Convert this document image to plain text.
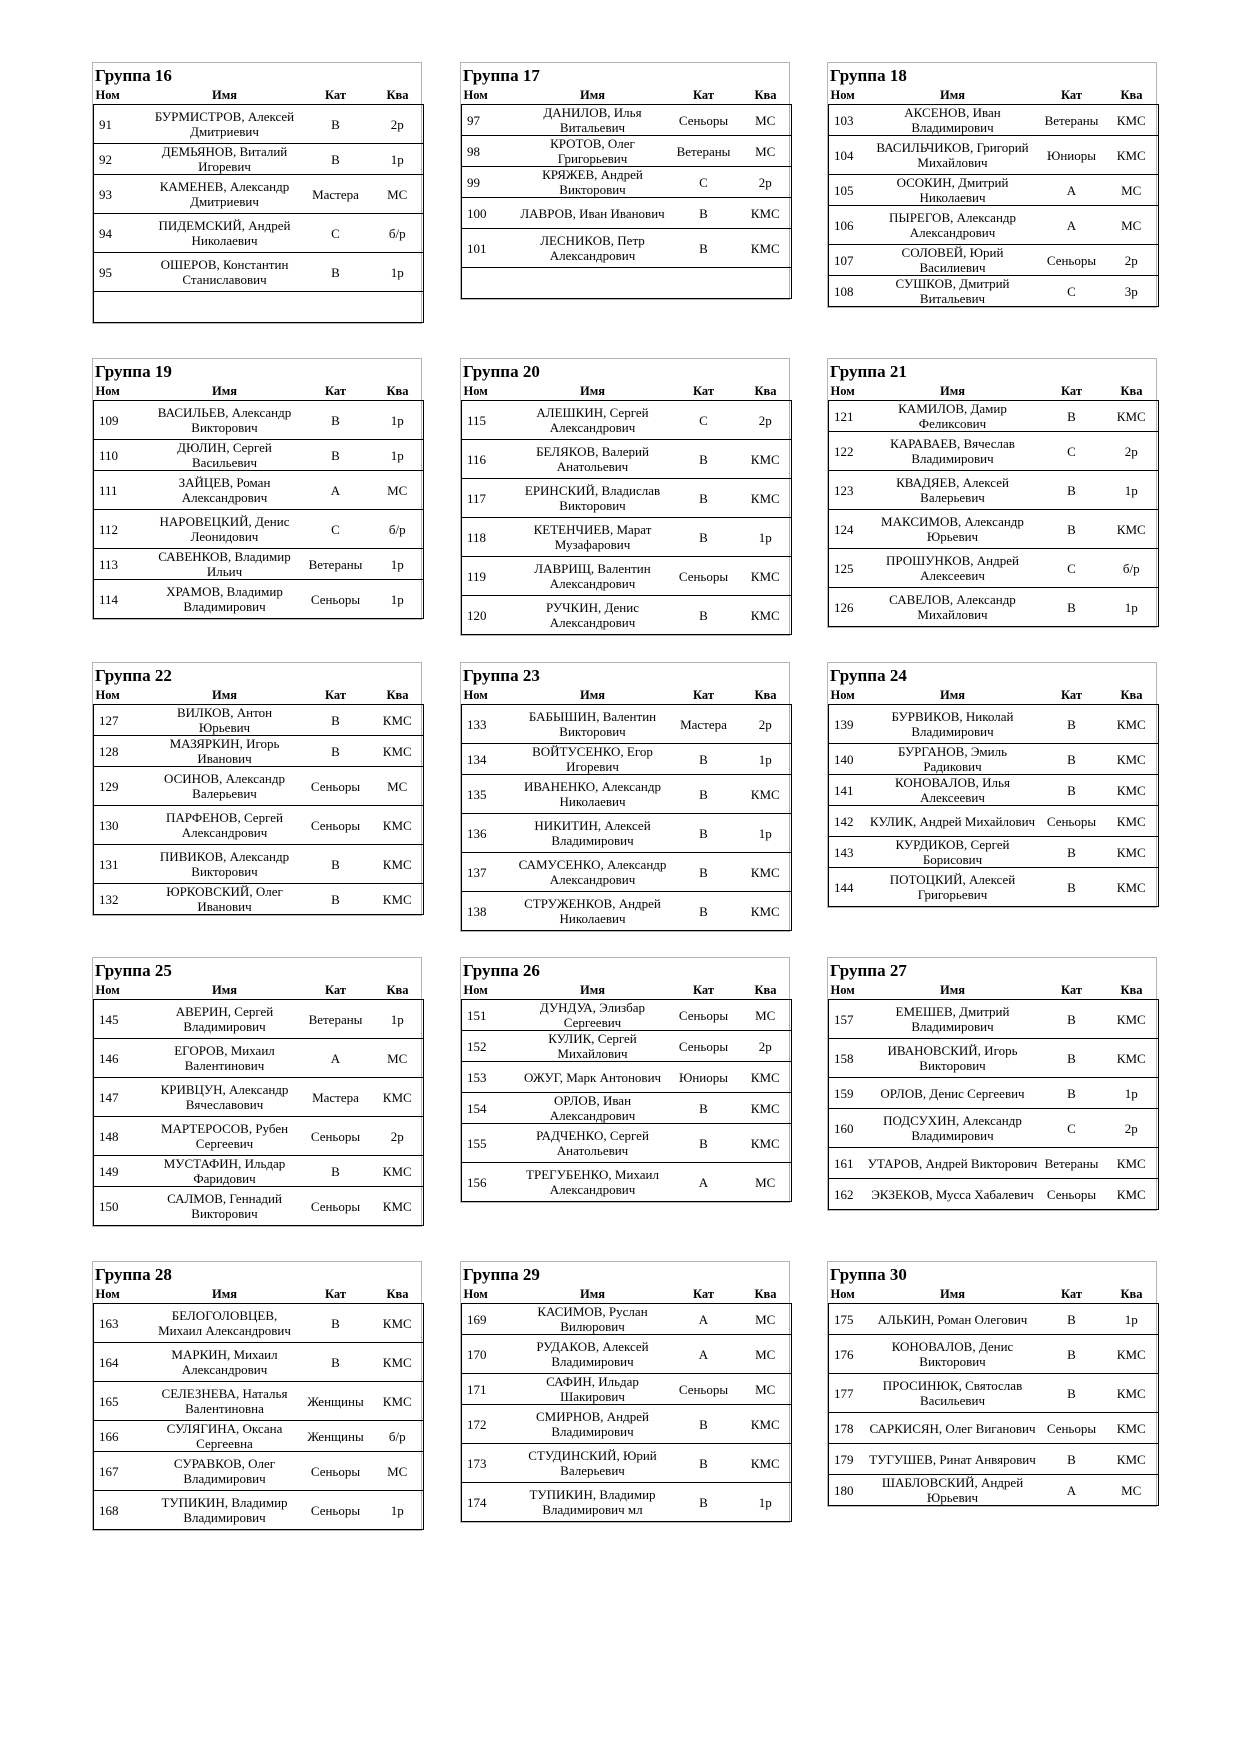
Группа 16
Ном	Имя	Кат	Ква
91	БУРМИСТРОВ, Алексей Дмитриевич	В	2р
92	ДЕМЬЯНОВ, Виталий Игоревич	В	1р
93	КАМЕНЕВ, Александр Дмитриевич	Мастера	МС
94	ПИДЕМСКИЙ, Андрей Николаевич	С	б/р
95	ОШЕРОВ, Константин Станиславович	В	1р

Группа 17
Ном	Имя	Кат	Ква
97	ДАНИЛОВ, Илья Витальевич	Сеньоры	МС
98	КРОТОВ, Олег Григорьевич	Ветераны	МС
99	КРЯЖЕВ, Андрей Викторович	С	2р
100	ЛАВРОВ, Иван Иванович	В	КМС
101	ЛЕСНИКОВ, Петр Александрович	В	КМС

Группа 18
Ном	Имя	Кат	Ква
103	АКСЕНОВ, Иван Владимирович	Ветераны	КМС
104	ВАСИЛЬЧИКОВ, Григорий Михайлович	Юниоры	КМС
105	ОСОКИН, Дмитрий Николаевич	А	МС
106	ПЫРЕГОВ, Александр Александрович	А	МС
107	СОЛОВЕЙ, Юрий Василиевич	Сеньоры	2р
108	СУШКОВ, Дмитрий Витальевич	С	3р
Группа 19
Ном	Имя	Кат	Ква
109	ВАСИЛЬЕВ, Александр Викторович	В	1р
110	ДЮЛИН, Сергей Васильевич	В	1р
111	ЗАЙЦЕВ, Роман Александрович	А	МС
112	НАРОВЕЦКИЙ, Денис Леонидович	С	б/р
113	САВЕНКОВ, Владимир Ильич	Ветераны	1р
114	ХРАМОВ, Владимир Владимирович	Сеньоры	1р
Группа 20
Ном	Имя	Кат	Ква
115	АЛЕШКИН, Сергей Александрович	С	2р
116	БЕЛЯКОВ, Валерий Анатольевич	В	КМС
117	ЕРИНСКИЙ, Владислав Викторович	В	КМС
118	КЕТЕНЧИЕВ, Марат Музафарович	В	1р
119	ЛАВРИЩ, Валентин Александрович	Сеньоры	КМС
120	РУЧКИН, Денис Александрович	В	КМС
Группа 21
Ном	Имя	Кат	Ква
121	КАМИЛОВ, Дамир Феликсович	В	КМС
122	КАРАВАЕВ, Вячеслав Владимирович	С	2р
123	КВАДЯЕВ, Алексей Валерьевич	В	1р
124	МАКСИМОВ, Александр Юрьевич	В	КМС
125	ПРОШУНКОВ, Андрей Алексеевич	С	б/р
126	САВЕЛОВ, Александр Михайлович	В	1р
Группа 22
Ном	Имя	Кат	Ква
127	ВИЛКОВ, Антон Юрьевич	В	КМС
128	МАЗЯРКИН, Игорь Иванович	В	КМС
129	ОСИНОВ, Александр Валерьевич	Сеньоры	МС
130	ПАРФЕНОВ, Сергей Александрович	Сеньоры	КМС
131	ПИВИКОВ, Александр Викторович	В	КМС
132	ЮРКОВСКИЙ, Олег Иванович	В	КМС
Группа 23
Ном	Имя	Кат	Ква
133	БАБЫШИН, Валентин Викторович	Мастера	2р
134	ВОЙТУСЕНКО, Егор Игоревич	В	1р
135	ИВАНЕНКО, Александр Николаевич	В	КМС
136	НИКИТИН, Алексей Владимирович	В	1р
137	САМУСЕНКО, Александр Александрович	В	КМС
138	СТРУЖЕНКОВ, Андрей Николаевич	В	КМС
Группа 24
Ном	Имя	Кат	Ква
139	БУРВИКОВ, Николай Владимирович	В	КМС
140	БУРГАНОВ, Эмиль Радикович	В	КМС
141	КОНОВАЛОВ, Илья Алексеевич	В	КМС
142	КУЛИК, Андрей Михайлович	Сеньоры	КМС
143	КУРДИКОВ, Сергей Борисович	В	КМС
144	ПОТОЦКИЙ, Алексей Григорьевич	В	КМС
Группа 25
Ном	Имя	Кат	Ква
145	АВЕРИН, Сергей Владимирович	Ветераны	1р
146	ЕГОРОВ, Михаил Валентинович	А	МС
147	КРИВЦУН, Александр Вячеславович	Мастера	КМС
148	МАРТЕРОСОВ, Рубен Сергеевич	Сеньоры	2р
149	МУСТАФИН, Ильдар Фаридович	В	КМС
150	САЛМОВ, Геннадий Викторович	Сеньоры	КМС
Группа 26
Ном	Имя	Кат	Ква
151	ДУНДУА, Элизбар Сергеевич	Сеньоры	МС
152	КУЛИК, Сергей Михайлович	Сеньоры	2р
153	ОЖУГ, Марк Антонович	Юниоры	КМС
154	ОРЛОВ, Иван Александрович	В	КМС
155	РАДЧЕНКО, Сергей Анатольевич	В	КМС
156	ТРЕГУБЕНКО, Михаил Александрович	А	МС
Группа 27
Ном	Имя	Кат	Ква
157	ЕМЕШЕВ, Дмитрий Владимирович	В	КМС
158	ИВАНОВСКИЙ, Игорь Викторович	В	КМС
159	ОРЛОВ, Денис Сергеевич	В	1р
160	ПОДСУХИН, Александр Владимирович	С	2р
161	УТАРОВ, Андрей Викторович	Ветераны	КМС
162	ЭКЗЕКОВ, Мусса Хабалевич	Сеньоры	КМС
Группа 28
Ном	Имя	Кат	Ква
163	БЕЛОГОЛОВЦЕВ, Михаил Александрович	В	КМС
164	МАРКИН, Михаил Александрович	В	КМС
165	СЕЛЕЗНЕВА, Наталья Валентиновна	Женщины	КМС
166	СУЛЯГИНА, Оксана Сергеевна	Женщины	б/р
167	СУРАВКОВ, Олег Владимирович	Сеньоры	МС
168	ТУПИКИН, Владимир Владимирович	Сеньоры	1р
Группа 29
Ном	Имя	Кат	Ква
169	КАСИМОВ, Руслан Вилюрович	А	МС
170	РУДАКОВ, Алексей Владимирович	А	МС
171	САФИН, Ильдар Шакирович	Сеньоры	МС
172	СМИРНОВ, Андрей Владимирович	В	КМС
173	СТУДИНСКИЙ, Юрий Валерьевич	В	КМС
174	ТУПИКИН, Владимир Владимирович мл	В	1р
Группа 30
Ном	Имя	Кат	Ква
175	АЛЬКИН, Роман Олегович	В	1р
176	КОНОВАЛОВ, Денис Викторович	В	КМС
177	ПРОСИНЮК, Святослав Васильевич	В	КМС
178	САРКИСЯН, Олег Виганович	Сеньоры	КМС
179	ТУГУШЕВ, Ринат Анвярович	В	КМС
180	ШАБЛОВСКИЙ, Андрей Юрьевич	А	МС
